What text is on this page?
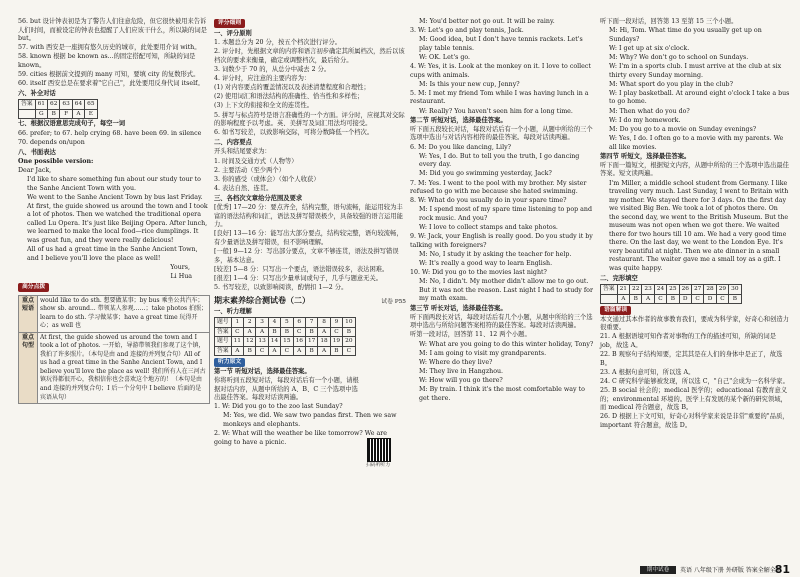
56. but 设计钟表初是为了警告人们往意危险，但它很快被用来告诉人们时间，而被设定的钟表也提醒了人们应该干什么，所以缺的词是 but。

57. with 西安是一座拥有悠久历史的城市，此处要用介词 with。

58. known 根据 be known as...的固定搭配可知，所缺的词是 known。

59. cities 根据前文提到的 many 可知，要填 city 的复数形式。

60. itself 西安总是在要求着"它自己"，此处要用反身代词 itself。

六、补全对话

答案	61	62	63	64	65
	G	B	F	A	E

七、根据汉语意思完成句子，每空一词

66. prefer; to 67. help crying 68. have been 69. in silence

70. depends on/upon

八、书面表达

One possible version:

Dear Jack,

I'd like to share something fun about our study tour to the Sanhe Ancient Town with you.

We went to the Sanhe Ancient Town by bus last Friday. At first, the guide showed us around the town and I took a lot of photos. Then we watched the traditional opera called Lu Opera. It's just like Beijing Opera. After lunch, we learned to make the local food—rice dumplings. It was great fun, and they were really delicious!

All of us had a great time in the Sanhe Ancient Town, and I believe you'll love the place as well!

Yours,

Li Hua

高分点拨
重点短语	would like to do sth. 想要做某事；by bus 乘坐公共汽车；show sb. around... 带领某人参观……；take photos 拍照；learn to do sth. 学习做某事；have a great time 玩得开心；as well 也
重点句型	At first, the guide showed us around the town and I took a lot of photos. 一开始，导游带领我们参观了这个镇，我拍了许多照片。（本句是由 and 连接的并列复合句）All of us had a great time in the Sanhe Ancient Town, and I believe you'll love the place as well! 我们所有人在三河古镇玩得都很开心，我相信你也会喜欢这个地方的！（本句是由 and 连接的并列复合句；I 后一个分句中 I believe 后面的是宾语从句）
评分细则

一、评分原则

1. 本题总分为 20 分，按五个档次进行评分。

2. 评分时，先根据文章的内容和语言初步确定其所属档次，然后以该档次的要求来衡量，确定或调整档次，最后给分。

3. 词数少于 70 的，从总分中减去 2 分。

4. 评分时，应注意的主要内容为：

(1) 对内容要点的覆盖情况以及表述清楚程度和合理性；

(2) 使用词汇和语法结构的准确性、恰当性和多样性；

(3) 上下文的衔接和全文的连贯性。

5. 拼写与标点符号是语言准确性的一个方面。评分时，应视其对交际的影响程度予以考虑。英、美拼写及词汇用法均可接受。

6. 如书写较差，以致影响交际，可将分数降低一个档次。

二、内容要点

开头和结尾要求为：

1. 时间及交通方式（人物等）

2. 主要活动（至少两个）

3. 你的感受（或体会）（如个人收获）

4. 表达自然、连贯。

三、各档次文章给分范围及要求

[优秀] 17—20 分：要点齐全，结构完整，语句流畅，能运用较为丰富的语法结构和词汇，语法及拼写错误极少，具备较强的语言运用能力。

[良好] 13—16 分：能写出大部分要点，结构较完整，语句较流畅，有少量语法及拼写错误，但不影响理解。

[一般] 9—12 分：写出部分要点，文章不够连贯，语法及拼写错误多，基本达意。

[较差] 5—8 分：只写出一个要点，语法错误较多，表达困难。

[很差] 1—4 分：只写出少量单词或句子，几乎与题意无关。

5. 书写较差，以致影响阅读，酌情扣 1—2 分。

期末素养综合测试卷（二）	试卷 P55

一、听力理解

题号	1	2	3	4	5	6	7	8	9	10
答案	C	A	A	B	B	C	B	A	C	B
题号	11	12	13	14	15	16	17	18	19	20
答案	A	B	C	A	C	A	B	A	B	C
听力原文

第一节 听短对话，选择最佳答案。

你将听到五段短对话，每段对话后有一个小题，请根据对话内容，从题中所给的 A、B、C 三个选项中选出最佳答案。每段对话读两遍。

1. W: Did you go to the zoo last Sunday?

M: Yes, we did. We saw two pandas first. Then we saw monkeys and elephants.

2. W: What will the weather be like tomorrow? We are going to have a picnic.

扫码听听力

M: You'd better not go out. It will be rainy.

3. W: Let's go and play tennis, Jack.

M: Good idea, but I don't have tennis rackets. Let's play table tennis.

W: OK. Let's go.

4. W: Yes, it is. Look at the monkey on it. I love to collect cups with animals.

M: Is this your new cup, Jenny?

5. M: I met my friend Tom while I was having lunch in a restaurant.

W: Really? You haven't seen him for a long time.

第二节 听短对话，选择最佳答案。

听下面五段较长对话，每段对话后有一个小题，从题中所给的三个选项中选出与对话内容相符的最佳答案。每段对话读两遍。

6. M: Do you like dancing, Lily?

W: Yes, I do. But to tell you the truth, I go dancing every day.

M: Did you go swimming yesterday, Jack?

7. M: Yes. I went to the pool with my brother. My sister refused to go with me because she hated swimming.

8. W: What do you usually do in your spare time?

M: I spend most of my spare time listening to pop and rock music. And you?

W: I love to collect stamps and take photos.

9. W: Jack, your English is really good. Do you study it by talking with foreigners?

M: No, I study it by asking the teacher for help.

W: It's really a good way to learn English.

10. W: Did you go to the movies last night?

M: No, I didn't. My mother didn't allow me to go out. But it was not the reason. Last night I had to study for my math exam.

第三节 听长对话，选择最佳答案。

听下面两段长对话，每段对话后有几个小题，从题中所给的三个选项中选出与所给问题答案相符的最佳答案。每段对话读两遍。

听第一段对话，回答第 11、12 两个小题。

W: What are you going to do this winter holiday, Tony?

M: I am going to visit my grandparents.

W: Where do they live?

M: They live in Hangzhou.

W: How will you go there?

M: By train. I think it's the most comfortable way to get there.

听下面一段对话，回答第 13 至第 15 三个小题。

M: Hi, Tom. What time do you usually get up on Sundays?

W: I get up at six o'clock.

M: Why? We don't go to school on Sundays.

W: I'm in a sports club. I must arrive at the club at six thirty every Sunday morning.

M: What sport do you play in the club?

W: I play basketball. At around eight o'clock I take a bus to go home.

M: Then what do you do?

W: I do my homework.

M: Do you go to a movie on Sunday evenings?

W: Yes, I do. I often go to a movie with my parents. We all like movies.

第四节 听短文，选择最佳答案。

听下面一篇短文，根据短文内容，从题中所给的三个选项中选出最佳答案。短文读两遍。

I'm Miller, a middle school student from Germany. I like traveling very much. Last Sunday, I went to Britain with my mother. We stayed there for 3 days. On the first day we visited Big Ben. We took a lot of photos there. On the second day, we went to the British Museum. But the museum was not open when we got there. We waited there for two hours till 10 am. We had a very good time there. On the last day, we went to the London Eye. It's very beautiful at night. Then we ate dinner in a small restaurant. The waiter gave me a small toy as a gift. I was quite happy.

二、完形填空

答案	21	22	23	24	25	26	27	28	29	30
	A	B	A	C	B	D	C	D	C	B
语篇解读

本文通过其本作者的故事教育我们，要成为科学家，好奇心和创造力很重要。

21. A 根据语境可知作者对事物的工作的描述可知，所缺的词是 job，故选 A。

22. B 观察句子结构知要，定其其是在人们的身体中是正了，故选 B。

23. A 根据句意可知，所以选 A。

24. C 研究科学能够被发现，所以选 C，"自己"会成为一名科学家。

25. B social 社会的；medical 医学的；educational 有教育意义的；environmental 环境的。医学上有发展的某个新的研究领域，而 medical 符合题意，故选 B。

26. D 根据上下文可知，好奇心对科学家来说是非常"重要的"品质，important 符合题意，故选 D。

期中试卷	英语 八年级下册 外研版 答案全解全析
81
